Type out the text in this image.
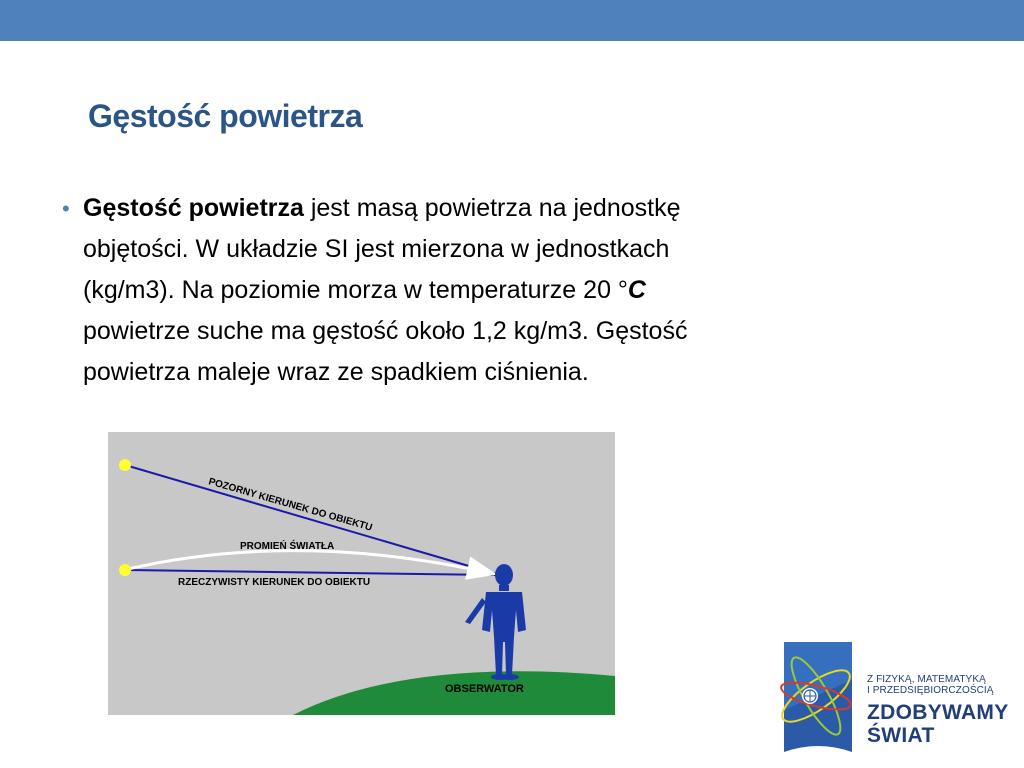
Gęstość powietrza
• Gęstość powietrza jest masą powietrza na jednostkę
objętości. W układzie SI jest mierzona w jednostkach
(kg/m3). Na poziomie morza w temperaturze 20 °C
powietrze suche ma gęstość około 1,2 kg/m3. Gęstość
powietrza maleje wraz ze spadkiem ciśnienia.
POZORNY KIERUNEK DO OBIEKTU
PROMIEŃ ŚWIATŁA
RZECZYWISTY KIERUNEK DO OBIEKTU
OBSERWATOR
Z FIZYKĄ, MATEMATYKĄ
I PRZEDSIĘBIORCZOŚCIĄ
ZDOBYWAMY
ŚWIAT
